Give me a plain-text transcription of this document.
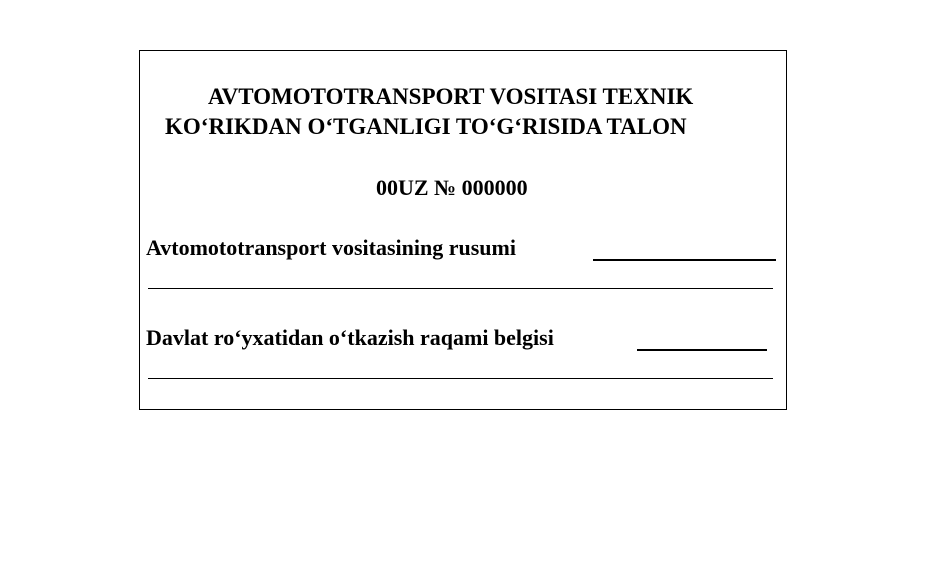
AVTOMOTOTRANSPORT VOSITASI TEXNIK
KO‘RIKDAN O‘TGANLIGI TO‘G‘RISIDA TALON
00UZ № 000000
Avtomototransport vositasining rusumi
Davlat ro‘yxatidan o‘tkazish raqami belgisi
